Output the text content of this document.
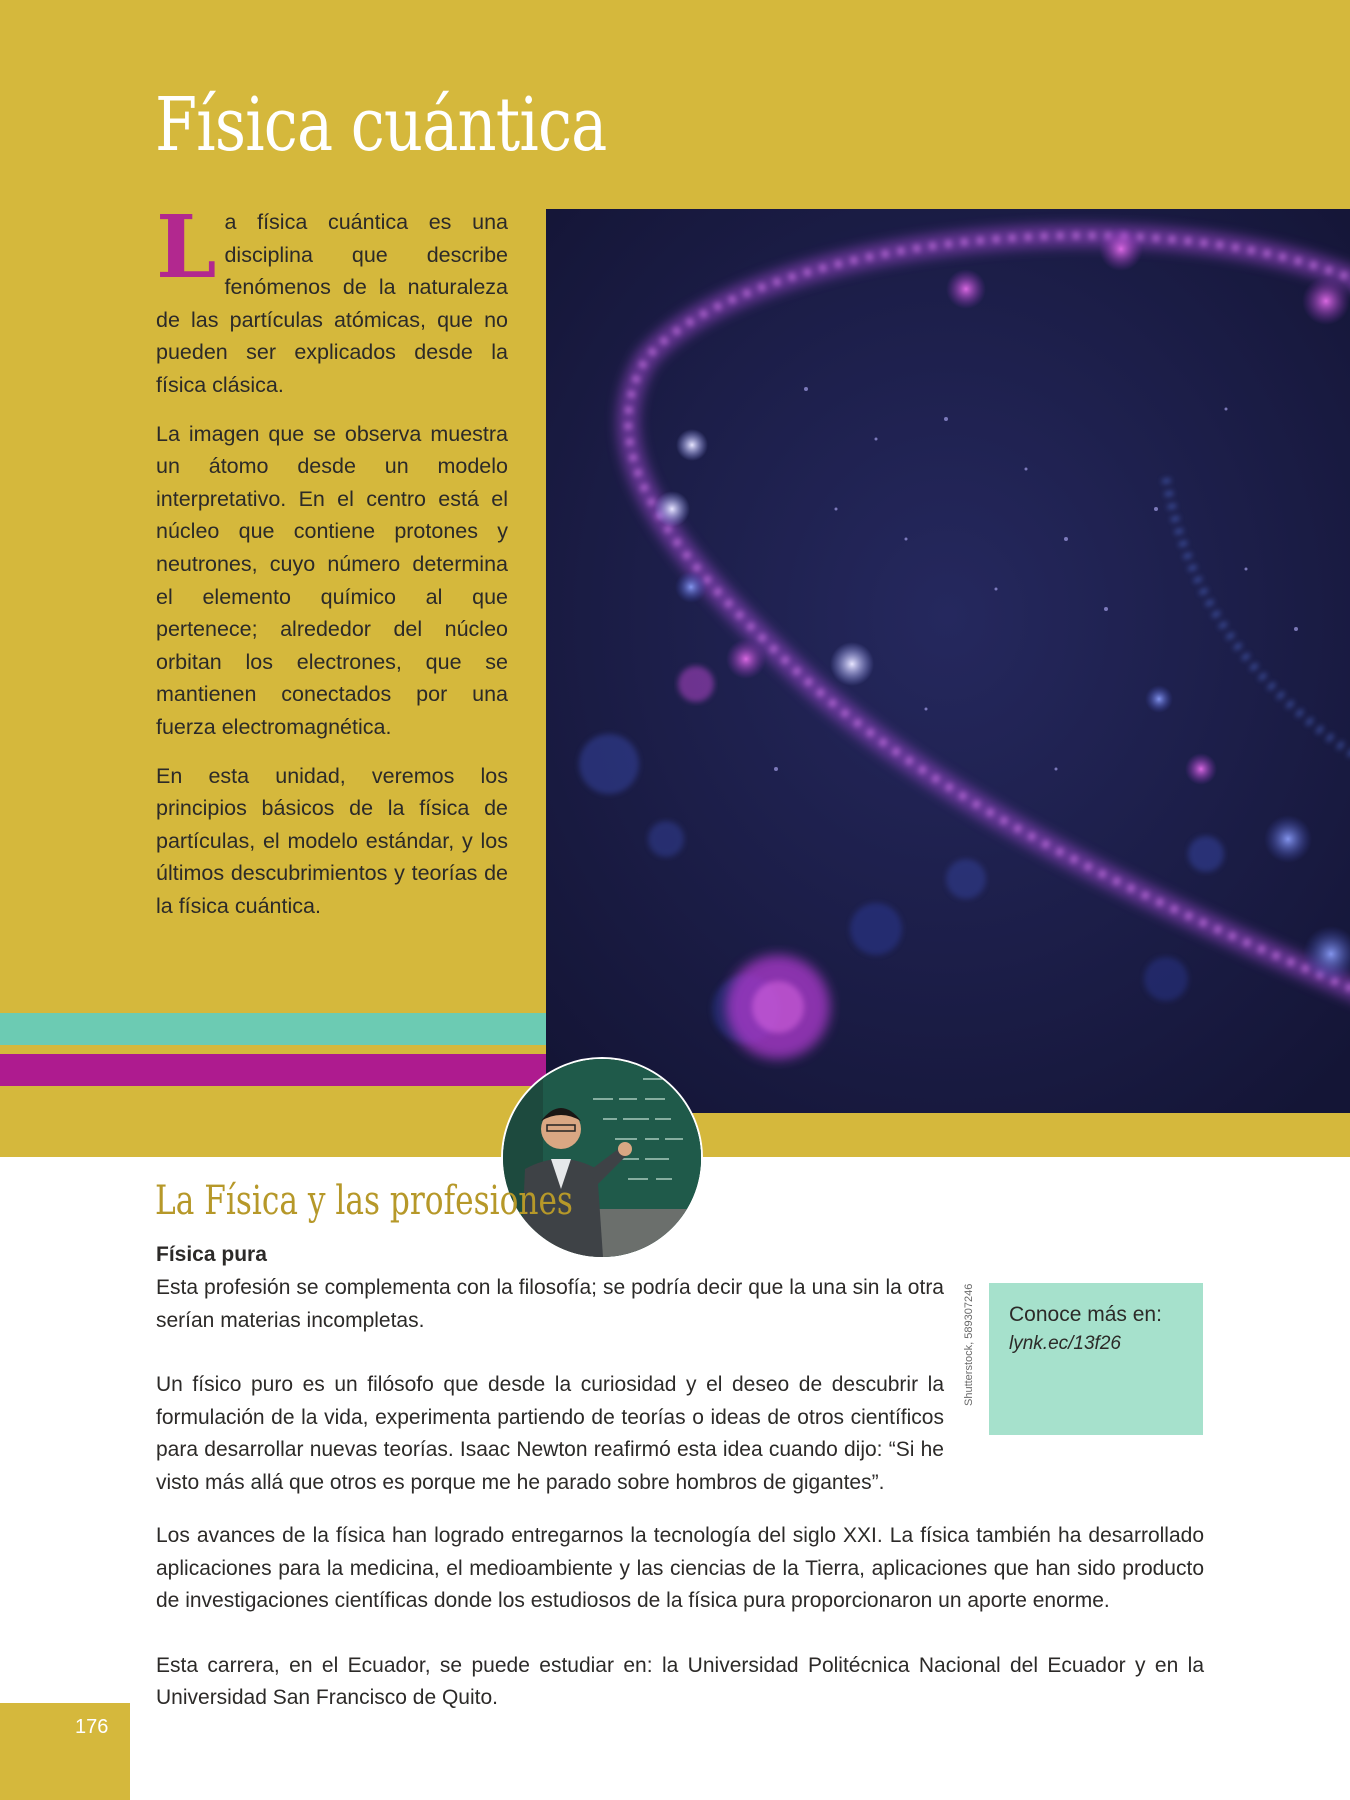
Física cuántica

La física cuántica es una disciplina que describe fenómenos de la naturaleza de las partículas atómicas, que no pueden ser explicados desde la física clásica.

La imagen que se observa muestra un átomo desde un modelo interpretativo. En el centro está el núcleo que contiene protones y neutrones, cuyo número determina el elemento químico al que pertenece; alrededor del núcleo orbitan los electrones, que se mantienen conectados por una fuerza electromagnética.

En esta unidad, veremos los principios básicos de la física de partículas, el modelo estándar, y los últimos descubrimientos y teorías de la física cuántica.

La Física y las profesiones
Física pura

Esta profesión se complementa con la filosofía; se podría decir que la una sin la otra serían materias incompletas.

Un físico puro es un filósofo que desde la curiosidad y el deseo de descubrir la formulación de la vida, experimenta partiendo de teorías o ideas de otros científicos para desarrollar nuevas teorías. Isaac Newton reafirmó esta idea cuando dijo: “Si he visto más allá que otros es porque me he parado sobre hombros de gigantes”.

Los avances de la física han logrado entregarnos la tecnología del siglo XXI. La física también ha desarrollado aplicaciones para la medicina, el medioambiente y las ciencias de la Tierra, aplicaciones que han sido producto de investigaciones científicas donde los estudiosos de la física pura proporcionaron un aporte enorme.

Esta carrera, en el Ecuador, se puede estudiar en: la Universidad Politécnica Nacional del Ecuador y en la Universidad San Francisco de Quito.

Shutterstock, 589307246 Conoce más en:
lynk.ec/13f26
176
